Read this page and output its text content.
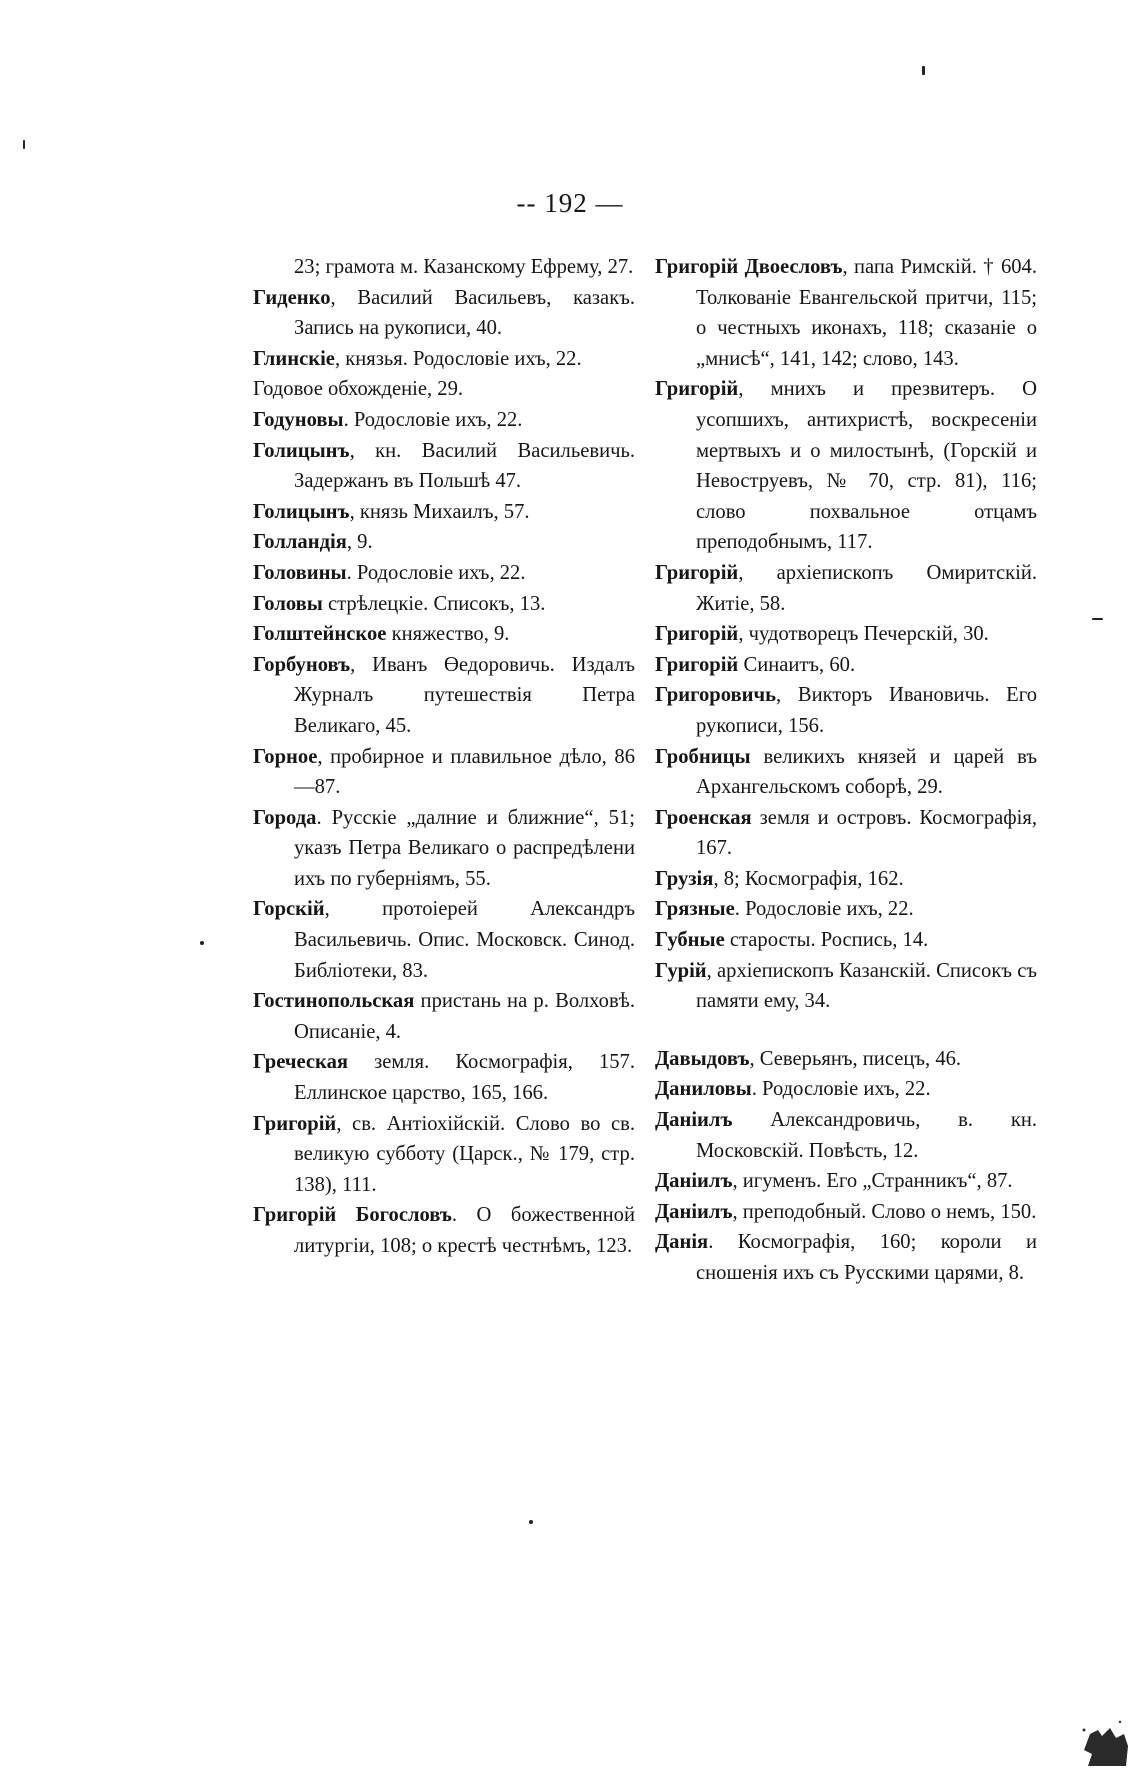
-- 192 —

23; грамота м. Казанскому Ефрему, 27.

Гиденко, Василий Васильевъ, казакъ. Запись на рукописи, 40.

Глинскіе, князья. Родословіе ихъ, 22.

Годовое обхожденіе, 29.

Годуновы. Родословіе ихъ, 22.

Голицынъ, кн. Василий Васильевичь. Задержанъ въ Польшѣ 47.

Голицынъ, князь Михаилъ, 57.

Голландія, 9.

Головины. Родословіе ихъ, 22.

Головы стрѣлецкіе. Списокъ, 13.

Голштейнское княжество, 9.

Горбуновъ, Иванъ Өедоровичь. Издалъ Журналъ путешествія Петра Великаго, 45.

Горное, пробирное и плавильное дѣло, 86—87.

Города. Русскіе „далние и ближние“, 51; указъ Петра Великаго о распредѣлени ихъ по губерніямъ, 55.

Горскій, протоіерей Александръ Васильевичь. Опис. Московск. Синод. Библіотеки, 83.

Гостинопольская пристань на р. Волховѣ. Описаніе, 4.

Греческая земля. Космографія, 157. Еллинское царство, 165, 166.

Григорій, св. Антіохійскій. Слово во св. великую субботу (Царск., № 179, стр. 138), 111.

Григорій Богословъ. О божественной литургіи, 108; о крестѣ честнѣмъ, 123.

Григорій Двоесловъ, папа Римскій. † 604. Толкованіе Евангельской притчи, 115; о честныхъ иконахъ, 118; сказаніе о „мнисѣ“, 141, 142; слово, 143.

Григорій, мнихъ и презвитеръ. О усопшихъ, антихристѣ, воскресеніи мертвыхъ и о милостынѣ, (Горскій и Невоструевъ, № 70, стр. 81), 116; слово похвальное отцамъ преподобнымъ, 117.

Григорій, архіепископъ Омиритскій. Житіе, 58.

Григорій, чудотворецъ Печерскій, 30.

Григорій Синаитъ, 60.

Григоровичь, Викторъ Ивановичь. Его рукописи, 156.

Гробницы великихъ князей и царей въ Архангельскомъ соборѣ, 29.

Гроенская земля и островъ. Космографія, 167.

Грузія, 8; Космографія, 162.

Грязные. Родословіе ихъ, 22.

Губные старосты. Роспись, 14.

Гурій, архіепископъ Казанскій. Списокъ съ памяти ему, 34.

Давыдовъ, Северьянъ, писецъ, 46.

Даниловы. Родословіе ихъ, 22.

Даніилъ Александровичь, в. кн. Московскій. Повѣсть, 12.

Даніилъ, игуменъ. Его „Странникъ“, 87.

Даніилъ, преподобный. Слово о немъ, 150.

Данія. Космографія, 160; короли и сношенія ихъ съ Русскими царями, 8.
